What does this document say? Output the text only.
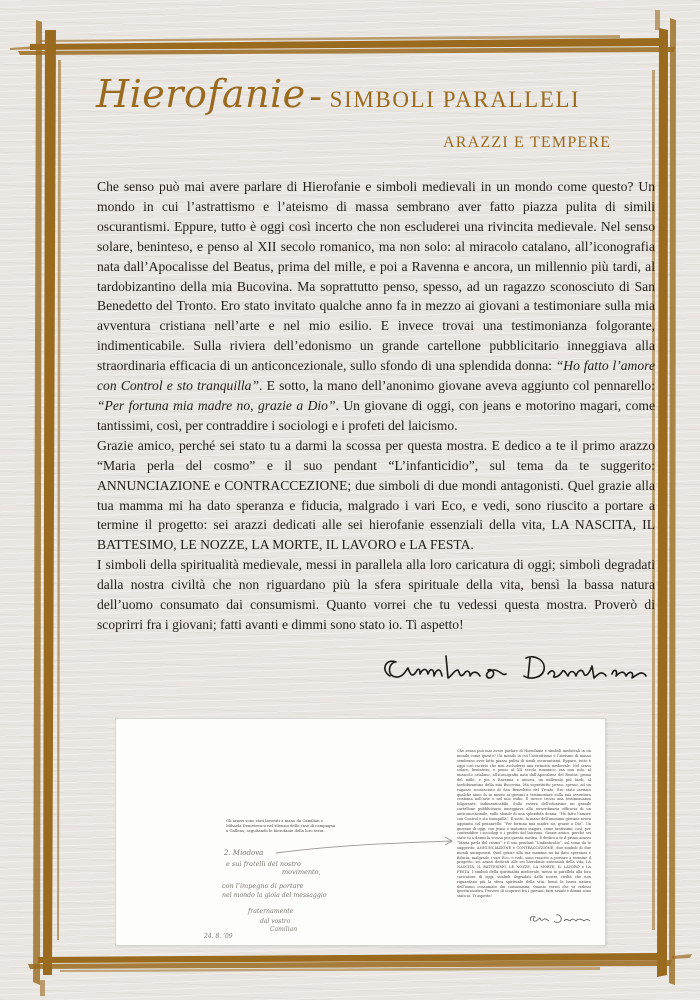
Hierofanie - SIMBOLI PARALLELI
ARAZZI E TEMPERE

Che senso può mai avere parlare di Hierofanie e simboli medievali in un mondo come questo? Un mondo in cui l’astrattismo e l’ateismo di massa sembrano aver fatto piazza pulita di simili oscurantismi. Eppure, tutto è oggi così incerto che non escluderei una rivincita medievale. Nel senso solare, beninteso, e penso al XII secolo romanico, ma non solo: al miracolo catalano, all’iconografia nata dall’Apocalisse del Beatus, prima del mille, e poi a Ravenna e ancora, un millennio più tardi, al tardobizantino della mia Bucovina. Ma soprattutto penso, spesso, ad un ragazzo sconosciuto di San Benedetto del Tronto. Ero stato invitato qualche anno fa in mezzo ai giovani a testimoniare sulla mia avventura cristiana nell’arte e nel mio esilio. E invece trovai una testimonianza folgorante, indimenticabile. Sulla riviera dell’edonismo un grande cartellone pubblicitario inneggiava alla straordinaria efficacia di un anticoncezionale, sullo sfondo di una splendida donna: “Ho fatto l’amore con Control e sto tranquilla”. E sotto, la mano dell’anonimo giovane aveva aggiunto col pennarello: “Per fortuna mia madre no, grazie a Dio”. Un giovane di oggi, con jeans e motorino magari, come tantissimi, così, per contraddire i sociologi e i profeti del laicismo.

Grazie amico, perché sei stato tu a darmi la scossa per questa mostra. E dedico a te il primo arazzo “Maria perla del cosmo” e il suo pendant “L’infanticidio”, sul tema da te suggerito: ANNUNCIAZIONE e CONTRACCEZIONE; due simboli di due mondi antagonisti. Quel grazie alla tua mamma mi ha dato speranza e fiducia, malgrado i vari Eco, e vedi, sono riuscito a portare a termine il progetto: sei arazzi dedicati alle sei hierofanie essenziali della vita, LA NASCITA, IL BATTESIMO, LE NOZZE, LA MORTE, IL LAVORO e LA FESTA.

I simboli della spiritualità medievale, messi in parallela alla loro caricatura di oggi; simboli degradati dalla nostra civiltà che non riguardano più la sfera spirituale della vita, bensì la bassa natura dell’uomo consumato dai consumismi. Quanto vorrei che tu vedessi questa mostra. Proverò di scoprirri fra i giovani; fatti avanti e dimmi sono stato io. Ti aspetto!

Gli arazzi sono stati lavorati a mano da Camilian e Mihaela Demetrescu nel silenzio delle case di campagna a Galleno, seguitando le hierofanie della loro terra.
2. Miodova
e sui fratelli del nostro
movimento,
con l’impegno di portare
nel mondo la gioia del messaggio
fraternamente
dal vostro
Camilian
24. 8. ’09
Che senso può mai avere parlare di Hierofanie e simboli medievali in un mondo come questo? Un mondo in cui l’astrattismo e l’ateismo di massa sembrano aver fatto piazza pulita di simili oscurantismi. Eppure, tutto è oggi così incerto che non escluderei una rivincita medievale. Nel senso solare, beninteso, e penso al XII secolo romanico, ma non solo: al miracolo catalano, all’iconografia nata dall’Apocalisse del Beatus, prima del mille, e poi a Ravenna e ancora, un millennio più tardi, al tardobizantino della mia Bucovina. Ma soprattutto penso, spesso, ad un ragazzo sconosciuto di San Benedetto del Tronto. Ero stato invitato qualche anno fa in mezzo ai giovani a testimoniare sulla mia avventura cristiana nell’arte e nel mio esilio. E invece trovai una testimonianza folgorante, indimenticabile. Sulla riviera dell’edonismo un grande cartellone pubblicitario inneggiava alla straordinaria efficacia di un anticoncezionale, sullo sfondo di una splendida donna: “Ho fatto l’amore con Control e sto tranquilla”. E sotto, la mano dell’anonimo giovane aveva aggiunto col pennarello: “Per fortuna mia madre no, grazie a Dio”. Un giovane di oggi, con jeans e motorino magari, come tantissimi, così, per contraddire i sociologi e i profeti del laicismo. Grazie amico, perché sei stato tu a darmi la scossa per questa mostra. E dedico a te il primo arazzo “Maria perla del cosmo” e il suo pendant “L’infanticidio”, sul tema da te suggerito: ANNUNCIAZIONE e CONTRACCEZIONE; due simboli di due mondi antagonisti. Quel grazie alla tua mamma mi ha dato speranza e fiducia, malgrado i vari Eco, e vedi, sono riuscito a portare a termine il progetto: sei arazzi dedicati alle sei hierofanie essenziali della vita, LA NASCITA, IL BATTESIMO, LE NOZZE, LA MORTE, IL LAVORO e LA FESTA. I simboli della spiritualità medievale, messi in parallela alla loro caricatura di oggi; simboli degradati dalla nostra civiltà che non riguardano più la sfera spirituale della vita, bensì la bassa natura dell’uomo consumato dai consumismi. Quanto vorrei che tu vedessi questa mostra. Proverò di scoprirri fra i giovani; fatti avanti e dimmi sono stato io. Ti aspetto!
